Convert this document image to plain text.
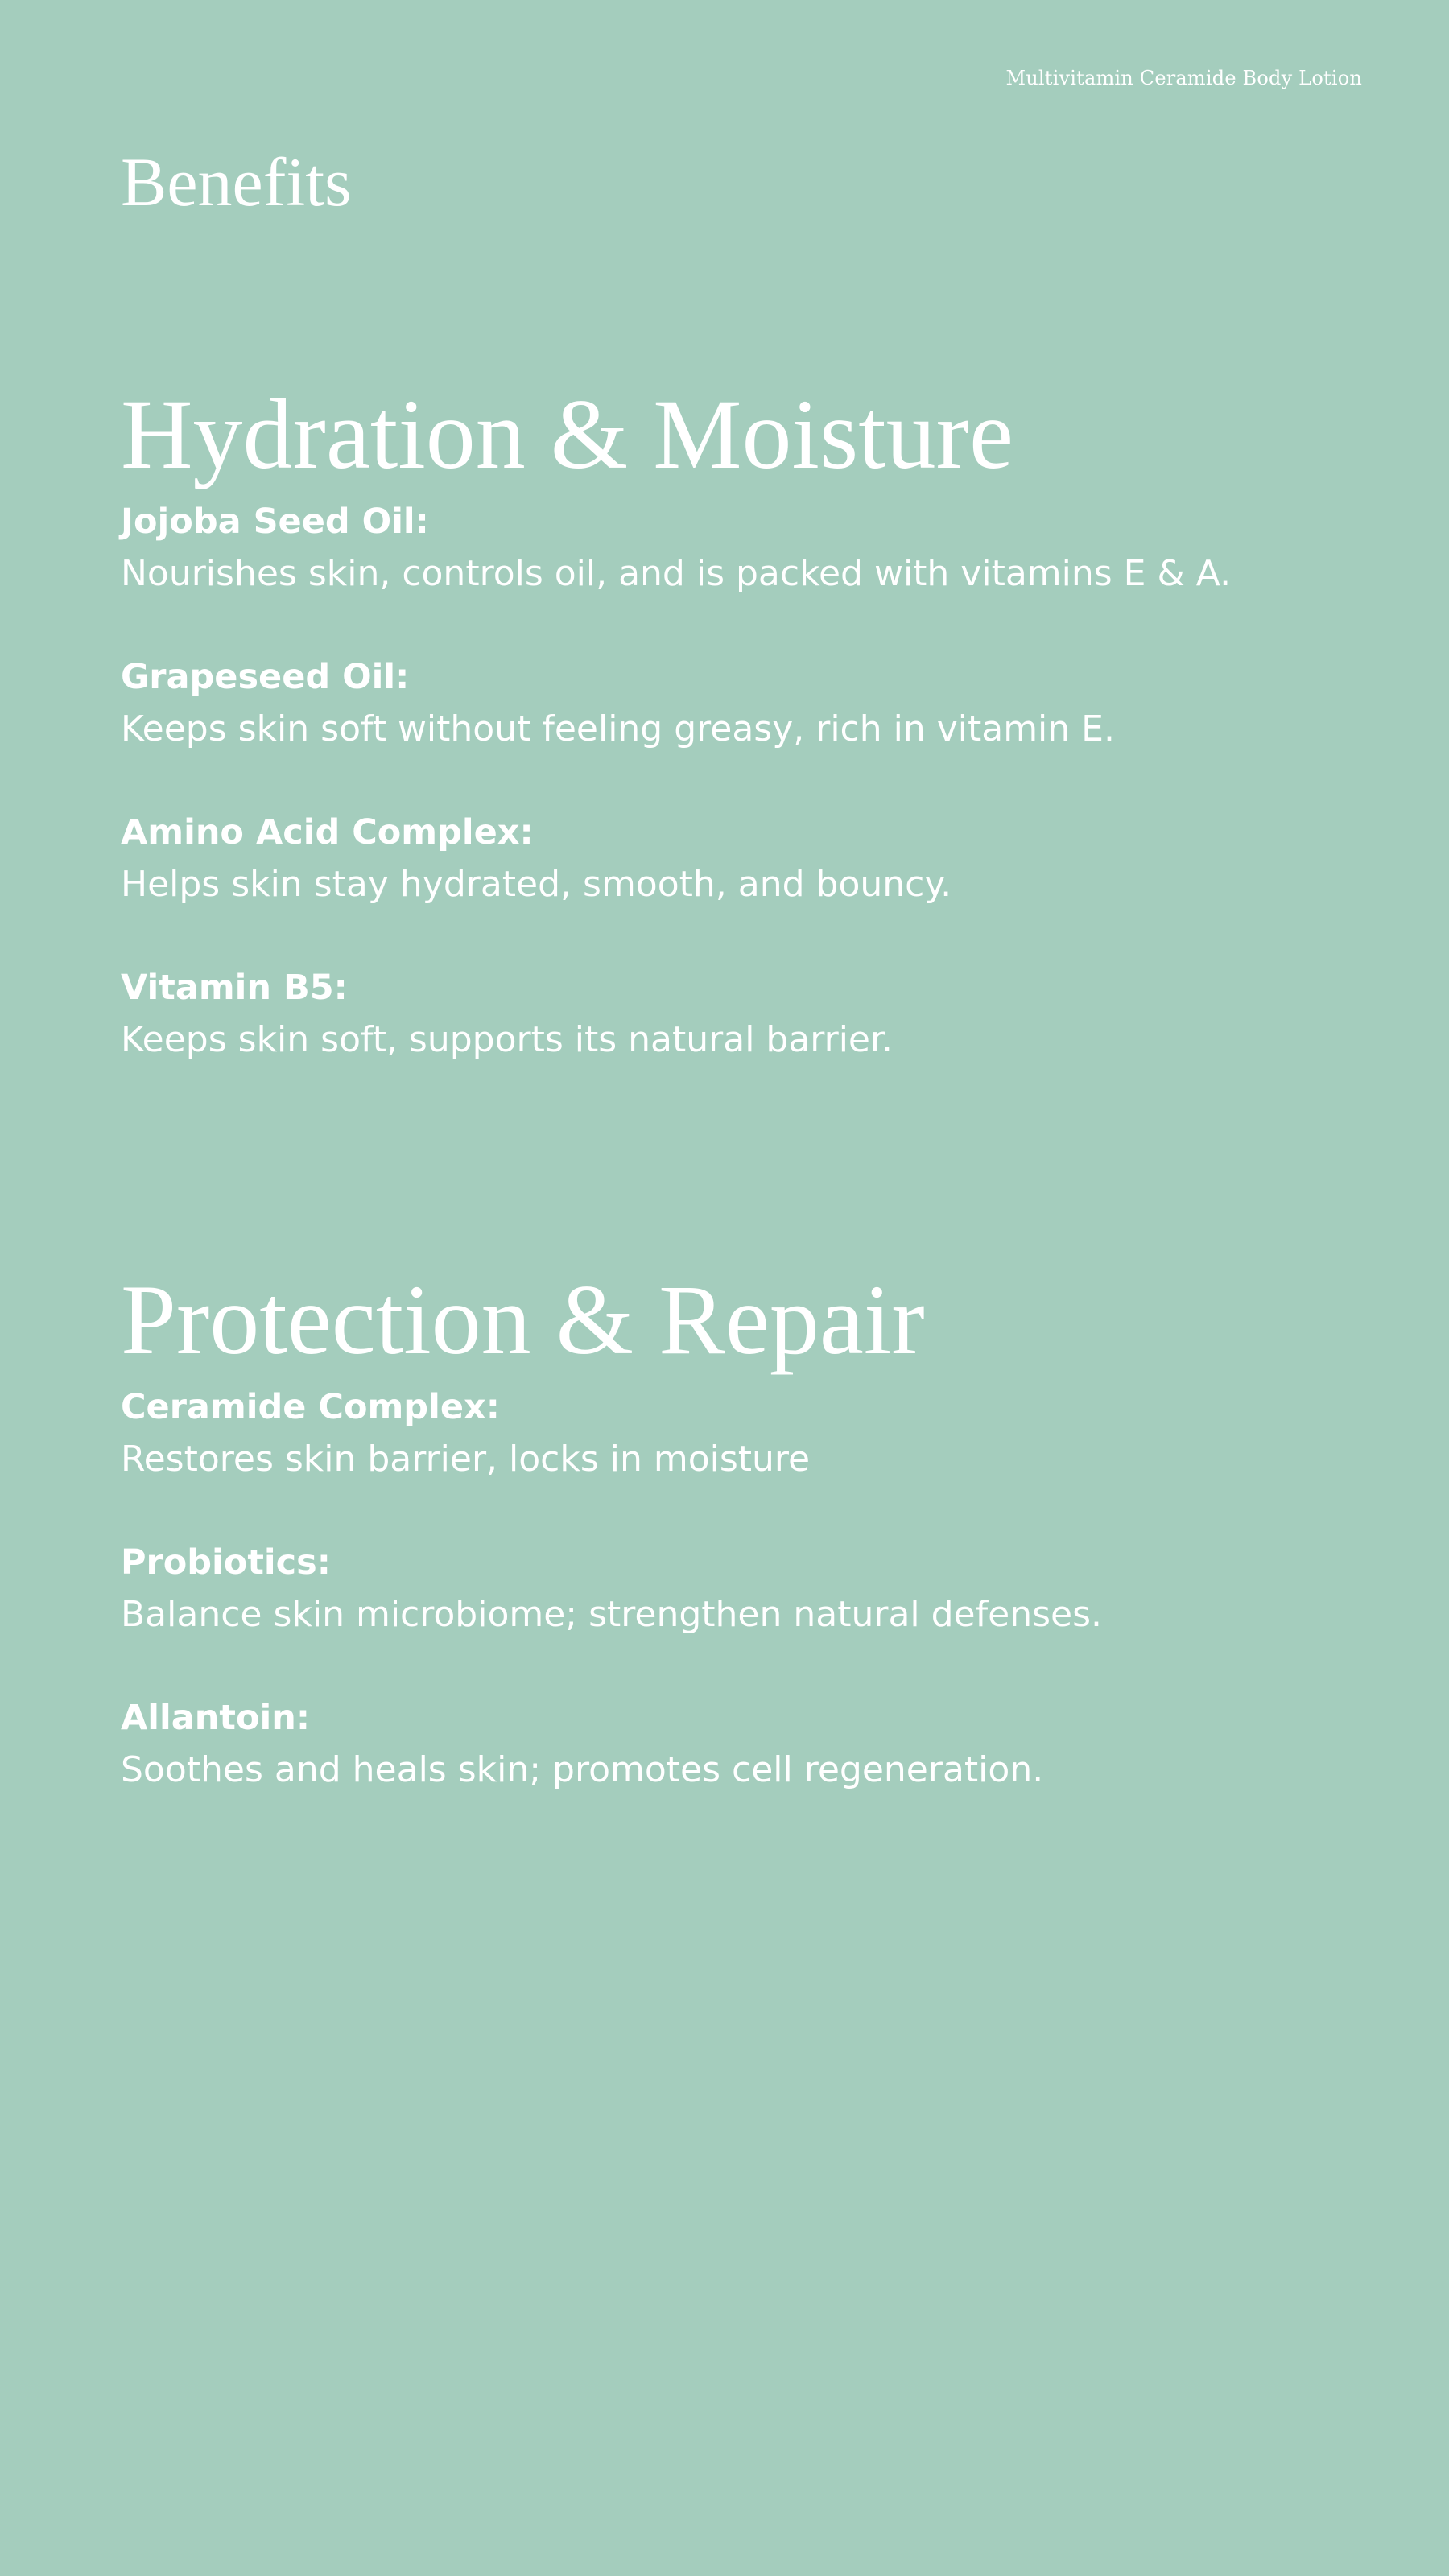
Multivitamin Ceramide Body Lotion
Benefits
Hydration & Moisture
Jojoba Seed Oil:
Nourishes skin, controls oil, and is packed with vitamins E & A.
Grapeseed Oil:
Keeps skin soft without feeling greasy, rich in vitamin E.
Amino Acid Complex:
Helps skin stay hydrated, smooth, and bouncy.
Vitamin B5:
Keeps skin soft, supports its natural barrier.
Protection & Repair
Ceramide Complex:
Restores skin barrier, locks in moisture
Probiotics:
Balance skin microbiome; strengthen natural defenses.
Allantoin:
Soothes and heals skin; promotes cell regeneration.
